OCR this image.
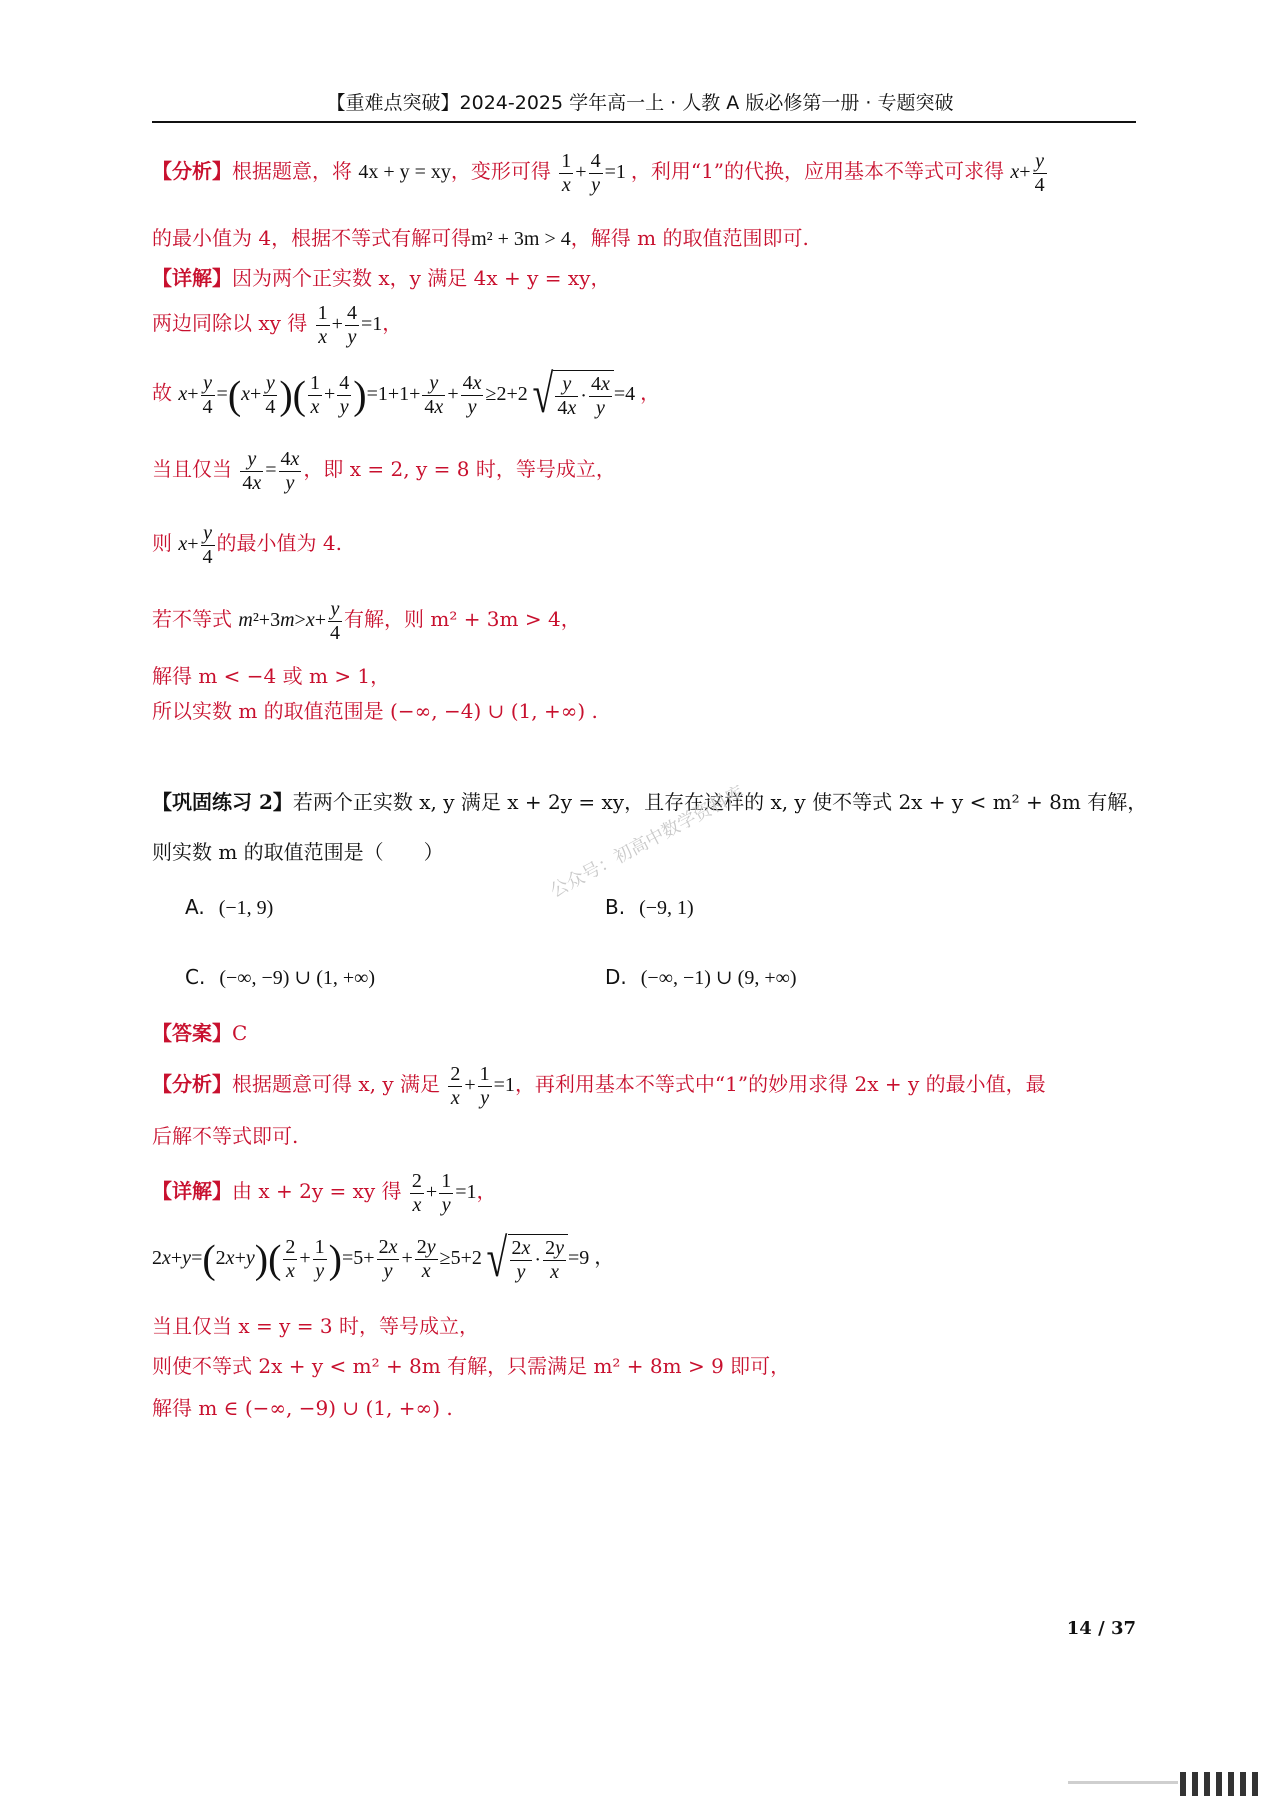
【重难点突破】2024-2025 学年高一上 · 人教 A 版必修第一册 · 专题突破
【分析】根据题意，将 4x + y = xy，变形可得 $\frac{1}{x} + \frac{4}{y} =1$ ，利用“1”的代换，应用基本不等式可求得 $x+ \frac{y}{4}$
的最小值为 4，根据不等式有解可得m² + 3m > 4，解得 m 的取值范围即可.
【详解】因为两个正实数 x，y 满足 4x + y = xy，
两边同除以 xy 得 $\frac{1}{x} + \frac{4}{y} =1$，
故 $x+ \frac{y}{4} =(x+ \frac{y}{4}$ )( $\frac{1}{x} + \frac{4}{y} )=1+1+ \frac{y}{4x} + \frac{4x}{y} \ge 2+2$ √ $\frac{y}{4x} \cdot \frac{4x}{y} =4$ ，
当且仅当 $\frac{y}{4x} = \frac{4x}{y}$ ，即 x = 2, y = 8 时，等号成立，
则 $x+ \frac{y}{4}$ 的最小值为 4.
若不等式 $m^2+3m>x+ \frac{y}{4}$ 有解，则 m² + 3m > 4，
解得 m < −4 或 m > 1，
所以实数 m 的取值范围是 (−∞, −4) ∪ (1, +∞) .
【巩固练习 2】若两个正实数 x, y 满足 x + 2y = xy，且存在这样的 x, y 使不等式 2x + y < m² + 8m 有解，
则实数 m 的取值范围是（　　）
A. (−1, 9)	B. (−9, 1)
C. (−∞, −9) ∪ (1, +∞)	D. (−∞, −1) ∪ (9, +∞)
【答案】C
【分析】根据题意可得 x, y 满足 $\frac{2}{x} + \frac{1}{y} =1$，再利用基本不等式中“1”的妙用求得 2x + y 的最小值，最
后解不等式即可.
【详解】由 x + 2y = xy 得 $\frac{2}{x} + \frac{1}{y} =1$，
$2x+y=(2x+y)( \frac{2}{x} + \frac{1}{y} )=5+ \frac{2x}{y} + \frac{2y}{x} \ge 5+2$ √ $\frac{2x}{y} \cdot \frac{2y}{x} =9$ ，
当且仅当 x = y = 3 时，等号成立，
则使不等式 2x + y < m² + 8m 有解，只需满足 m² + 8m > 9 即可，
解得 m ∈ (−∞, −9) ∪ (1, +∞) .
公众号：初高中数学资料库
14 / 37
